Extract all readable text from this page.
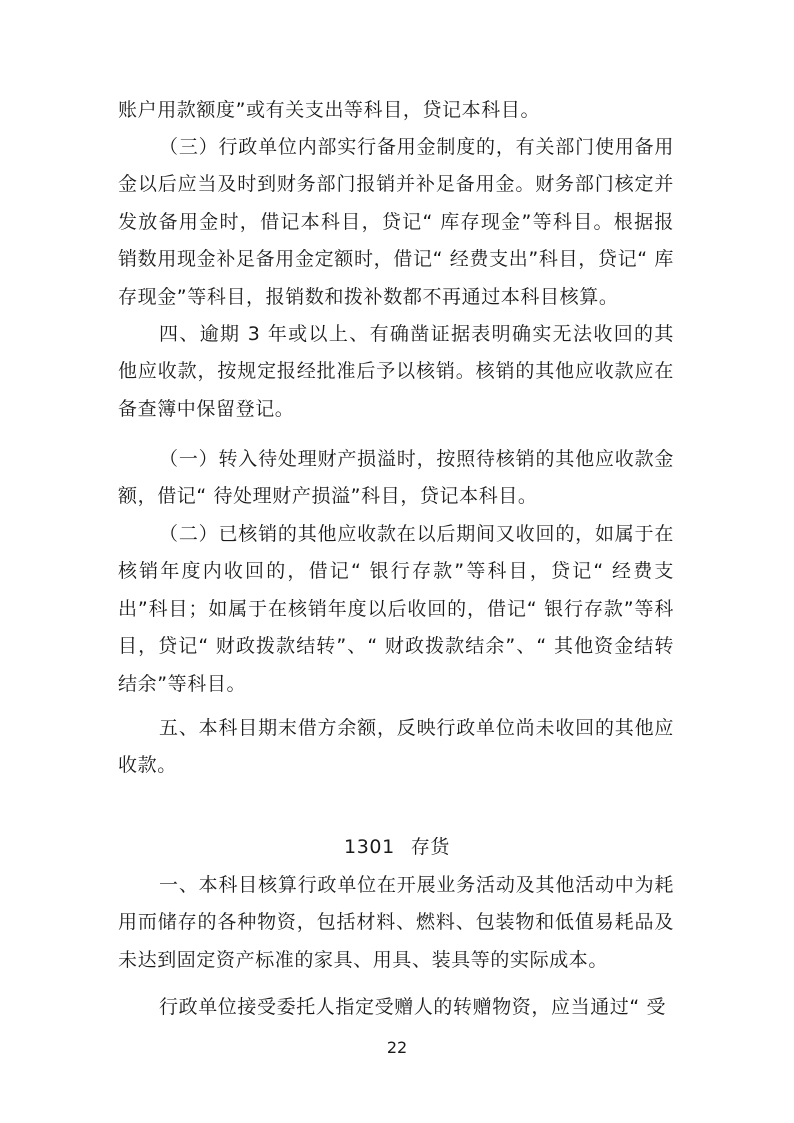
账户用款额度”或有关支出等科目，贷记本科目。

（三）行政单位内部实行备用金制度的，有关部门使用备用金以后应当及时到财务部门报销并补足备用金。财务部门核定并发放备用金时，借记本科目，贷记“ 库存现金”等科目。根据报销数用现金补足备用金定额时，借记“ 经费支出”科目，贷记“ 库存现金”等科目，报销数和拨补数都不再通过本科目核算。

四、逾期 3 年或以上、有确凿证据表明确实无法收回的其他应收款，按规定报经批准后予以核销。核销的其他应收款应在备查簿中保留登记。

（一）转入待处理财产损溢时，按照待核销的其他应收款金额，借记“ 待处理财产损溢”科目，贷记本科目。

（二）已核销的其他应收款在以后期间又收回的，如属于在核销年度内收回的，借记“ 银行存款”等科目，贷记“ 经费支出”科目；如属于在核销年度以后收回的，借记“ 银行存款”等科目，贷记“ 财政拨款结转”、“ 财政拨款结余”、“ 其他资金结转结余”等科目。

五、本科目期末借方余额，反映行政单位尚未收回的其他应收款。

1301 存货

一、本科目核算行政单位在开展业务活动及其他活动中为耗用而储存的各种物资，包括材料、燃料、包装物和低值易耗品及未达到固定资产标准的家具、用具、装具等的实际成本。

行政单位接受委托人指定受赠人的转赠物资，应当通过“ 受

22
